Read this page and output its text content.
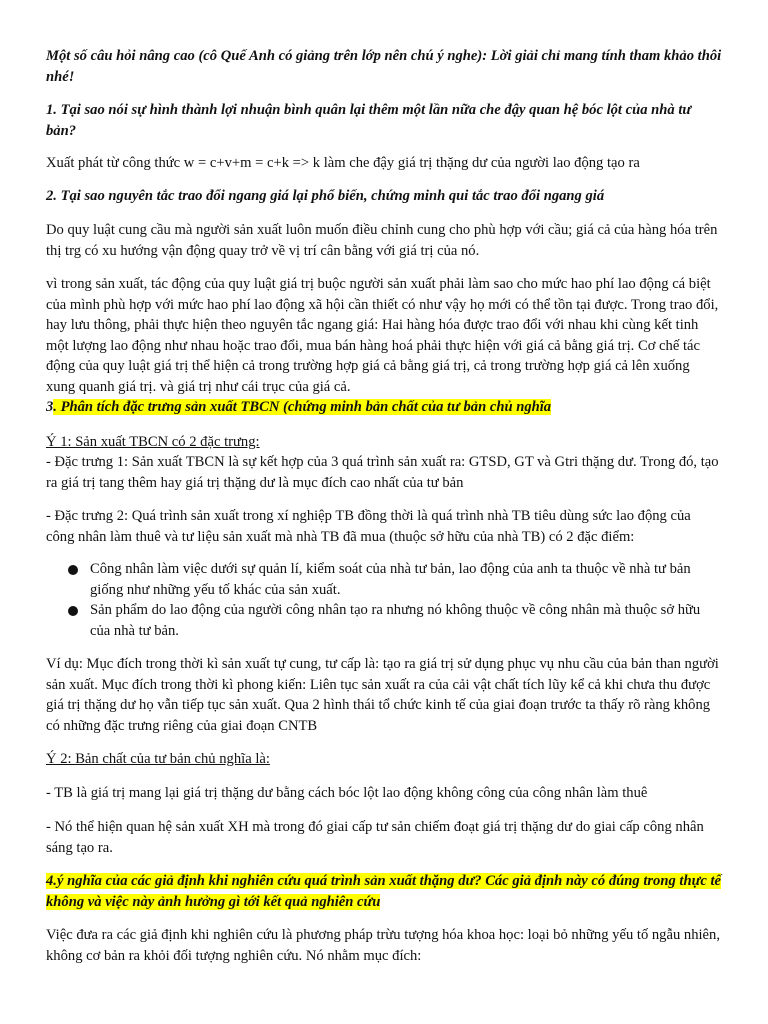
Một số câu hỏi nâng cao (cô Quế Anh có giảng trên lớp nên chú ý nghe): Lời giải chỉ mang tính tham khảo thôi nhé!

1. Tại sao nói sự hình thành lợi nhuận bình quân lại thêm một lần nữa che đậy quan hệ bóc lột của nhà tư bản?

Xuất phát từ công thức w = c+v+m = c+k => k làm che đậy giá trị thặng dư của người lao động tạo ra

2. Tại sao nguyên tắc trao đổi ngang giá lại phổ biến, chứng minh qui tắc trao đổi ngang giá

Do quy luật cung cầu mà người sản xuất luôn muốn điều chỉnh cung cho phù hợp với cầu; giá cả của hàng hóa trên thị trg có xu hướng vận động quay trở về vị trí cân bằng với giá trị của nó.

vì trong sản xuất, tác động của quy luật giá trị buộc người sản xuất phải làm sao cho mức hao phí lao động cá biệt của mình phù hợp với mức hao phí lao động xã hội cần thiết có như vậy họ mới có thể tồn tại được. Trong trao đổi, hay lưu thông, phải thực hiện theo nguyên tắc ngang giá: Hai hàng hóa được trao đổi với nhau khi cùng kết tinh một lượng lao động như nhau hoặc trao đổi, mua bán hàng hoá phải thực hiện với giá cả bằng giá trị. Cơ chế tác động của quy luật giá trị thể hiện cả trong trường hợp giá cả bằng giá trị, cả trong trường hợp giá cả lên xuống xung quanh giá trị. và giá trị như cái trục của giá cả.

3. Phân tích đặc trưng sản xuất TBCN (chứng minh bản chất của tư bản chủ nghĩa

Ý 1: Sản xuất TBCN có 2 đặc trưng:

- Đặc trưng 1: Sản xuất TBCN là sự kết hợp của 3 quá trình sản xuất ra: GTSD, GT và Gtri thặng dư. Trong đó, tạo ra giá trị tang thêm hay giá trị thặng dư là mục đích cao nhất của tư bản

- Đặc trưng 2: Quá trình sản xuất trong xí nghiệp TB đồng thời là quá trình nhà TB tiêu dùng sức lao động của công nhân làm thuê và tư liệu sản xuất mà nhà TB đã mua (thuộc sở hữu của nhà TB) có 2 đặc điểm:

Công nhân làm việc dưới sự quản lí, kiểm soát của nhà tư bản, lao động của anh ta thuộc về nhà tư bản giống như những yếu tố khác của sản xuất.
Sản phẩm do lao động của người công nhân tạo ra nhưng nó không thuộc về công nhân mà thuộc sở hữu của nhà tư bản.

Ví dụ: Mục đích trong thời kì sản xuất tự cung, tư cấp là: tạo ra giá trị sử dụng phục vụ nhu cầu của bản than người sản xuất. Mục đích trong thời kì phong kiến: Liên tục sản xuất ra của cải vật chất tích lũy kể cả khi chưa thu được giá trị thặng dư họ vẫn tiếp tục sản xuất. Qua 2 hình thái tổ chức kinh tế của giai đoạn trước ta thấy rõ ràng không có những đặc trưng riêng của giai đoạn CNTB

Ý 2: Bản chất của tư bản chủ nghĩa là:

- TB là giá trị mang lại giá trị thặng dư bằng cách bóc lột lao động không công của công nhân làm thuê

- Nó thể hiện quan hệ sản xuất XH mà trong đó giai cấp tư sản chiếm đoạt giá trị thặng dư do giai cấp công nhân sáng tạo ra.

4.ý nghĩa của các giả định khi nghiên cứu quá trình sản xuất thặng dư? Các giả định này có đúng trong thực tế không và việc này ảnh hưởng gì tới kết quả nghiên cứu

Việc đưa ra các giả định khi nghiên cứu là phương pháp trừu tượng hóa khoa học: loại bỏ những yếu tố ngẫu nhiên, không cơ bản ra khỏi đối tượng nghiên cứu. Nó nhằm mục đích:
